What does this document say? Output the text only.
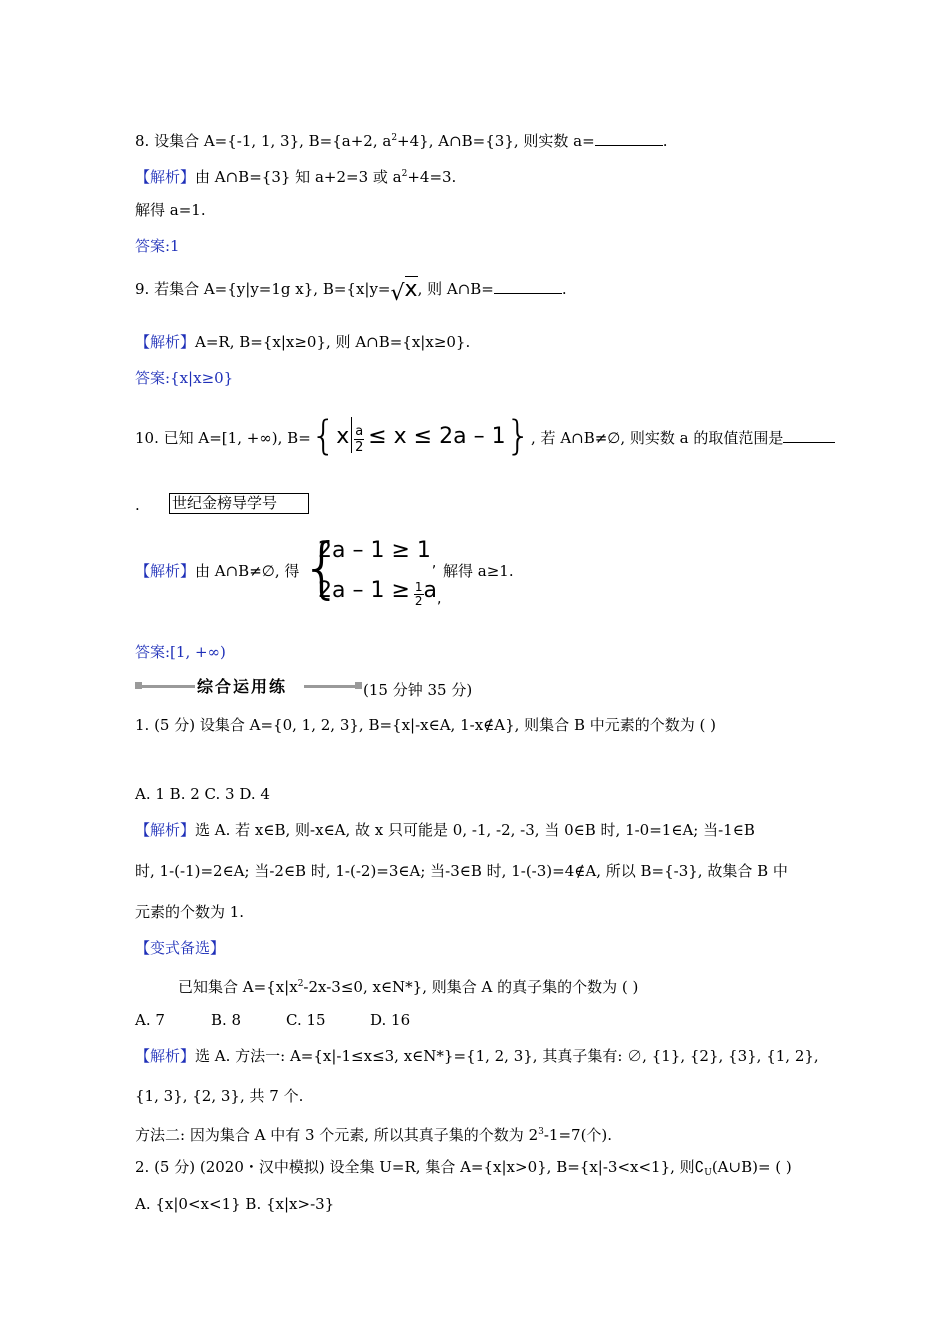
8. 设集合 A={-1, 1, 3}, B={a+2, $a^2+4$}, A∩B={3}, 则实数 a=	.
【解析】由 A∩B={3} 知 a+2=3 或 $a^2+4=3$.
解得 a=1.
答案:1
9. 若集合 A={y|y=1g x}, B={x|y=√x, 则 A∩B=	.
【解析】A=R, B={x|x≥0}, 则 A∩B={x|x≥0}.
答案:{x|x≥0}
10. 已知 A=[1, +∞), $B=\{x \frac{a}{2} \le x \le 2a - 1\}$, 若 A∩B≠∅, 则实数 a 的取值范围是
. 世纪金榜导学号
【解析】由 A∩B≠∅, 得 {
$2a - 1 \ge 1_,$
$2a - 1 \ge \frac{1}{2} a_,$
解得 a≥1.
答案:[1, +∞)
综合运用练	(15 分钟 35 分)
1. (5 分) 设集合 A={0, 1, 2, 3}, B={x|-x∈A, 1-x∉A}, 则集合 B 中元素的个数为 ( )
A. 1 B. 2 C. 3 D. 4
【解析】选 A. 若 x∈B, 则-x∈A, 故 x 只可能是 0, -1, -2, -3, 当 0∈B 时, 1-0=1∈A; 当-1∈B
时, 1-(-1)=2∈A; 当-2∈B 时, 1-(-2)=3∈A; 当-3∈B 时, 1-(-3)=4∉A, 所以 B={-3}, 故集合 B 中
元素的个数为 1.
【变式备选】
已知集合 $A=\{x|x^2-2x-3\le 0$, x∈N*}, 则集合 A 的真子集的个数为 ( )
A. 7	B. 8	C. 15	D. 16
【解析】选 A. 方法一: A={x|-1≤x≤3, x∈N*}={1, 2, 3}, 其真子集有: ∅, {1}, {2}, {3}, {1, 2},
{1, 3}, {2, 3}, 共 7 个.
方法二: 因为集合 A 中有 3 个元素, 所以其真子集的个数为 $2^3-1=7$(个).
2. (5 分) (2020・汉中模拟) 设全集 U=R, 集合 A={x|x>0}, B={x|-3<x<1}, 则$∁_U(A\cup B)=$ ( )
A. {x|0<x<1} B. {x|x>-3}
